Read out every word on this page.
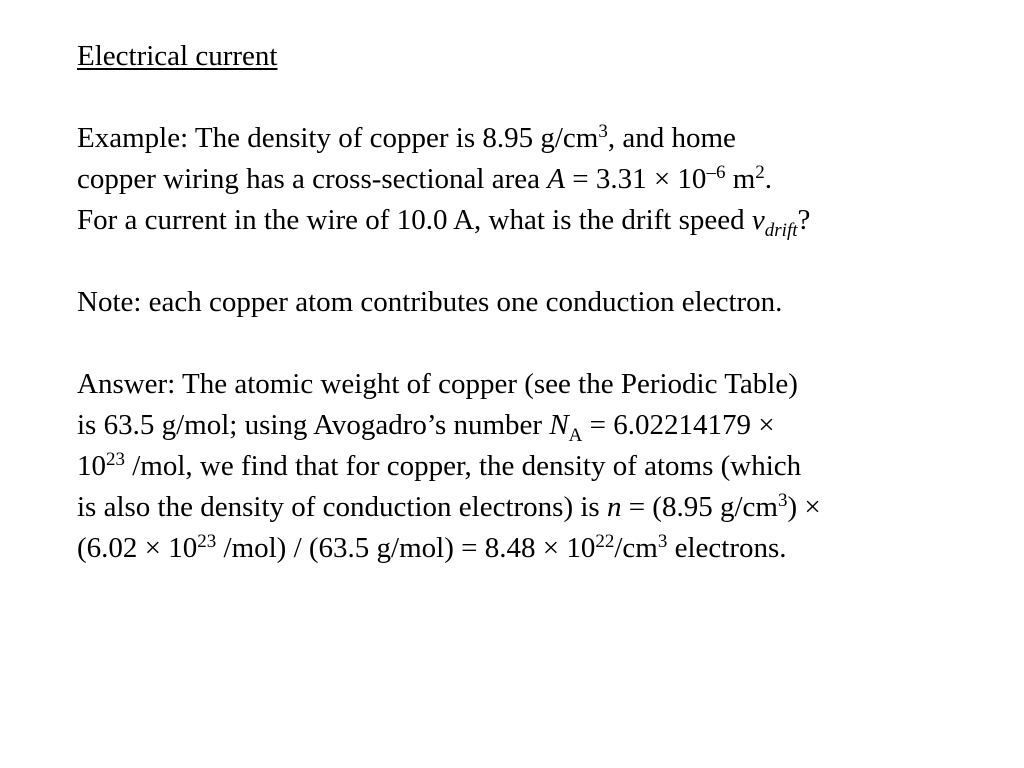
Electrical current
Example: The density of copper is 8.95 $g/cm^3$, and home
copper wiring has a cross-sectional area $A = 3.31 \times 10^{-6}$ $m^2$.
For a current in the wire of 10.0 A, what is the drift speed $v_{drift}$?
Note: each copper atom contributes one conduction electron.
Answer: The atomic weight of copper (see the Periodic Table)
is 63.5 g/mol; using Avogadro’s number $N_A = 6.02214179$ ×
$10^{23}$ /mol, we find that for copper, the density of atoms (which
is also the density of conduction electrons) is n = (8.95 $g/cm^3$) ×
($6.02 \times 10^{23}$ /mol) / (63.5 $g/mol) = 8.48 \times 10^{22}/cm^3$ electrons.
